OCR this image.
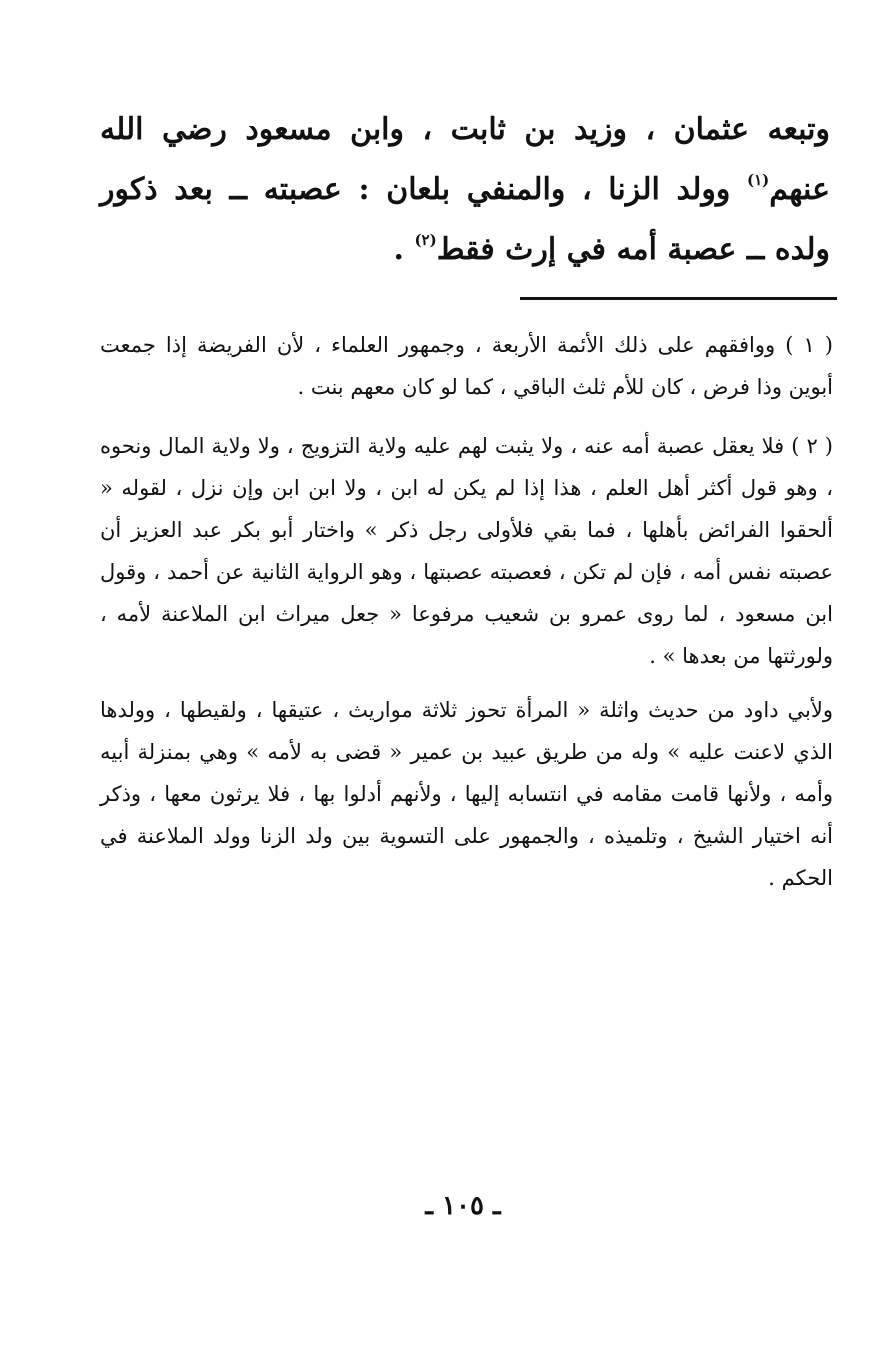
وتبعه عثمان ، وزيد بن ثابت ، وابن مسعود رضي الله عنهم$^{(١)}$ وولد الزنا ، والمنفي بلعان : عصبته ــ بعد ذكور ولده ــ عصبة أمه في إرث فقط$^{(٢)}$ .

( ١ ) ووافقهم على ذلك الأئمة الأربعة ، وجمهور العلماء ، لأن الفريضة إذا جمعت أبوين وذا فرض ، كان للأم ثلث الباقي ، كما لو كان معهم بنت .

( ٢ ) فلا يعقل عصبة أمه عنه ، ولا يثبت لهم عليه ولاية التزويج ، ولا ولاية المال ونحوه ، وهو قول أكثر أهل العلم ، هذا إذا لم يكن له ابن ، ولا ابن ابن وإن نزل ، لقوله « ألحقوا الفرائض بأهلها ، فما بقي فلأولى رجل ذكر » واختار أبو بكر عبد العزيز أن عصبته نفس أمه ، فإن لم تكن ، فعصبته عصبتها ، وهو الرواية الثانية عن أحمد ، وقول ابن مسعود ، لما روى عمرو بن شعيب مرفوعا « جعل ميراث ابن الملاعنة لأمه ، ولورثتها من بعدها » .

ولأبي داود من حديث واثلة « المرأة تحوز ثلاثة مواريث ، عتيقها ، ولقيطها ، وولدها الذي لاعنت عليه » وله من طريق عبيد بن عمير « قضى به لأمه » وهي بمنزلة أبيه وأمه ، ولأنها قامت مقامه في انتسابه إليها ، ولأنهم أدلوا بها ، فلا يرثون معها ، وذكر أنه اختيار الشيخ ، وتلميذه ، والجمهور على التسوية بين ولد الزنا وولد الملاعنة في الحكم .

ـ ١٠٥ ـ
